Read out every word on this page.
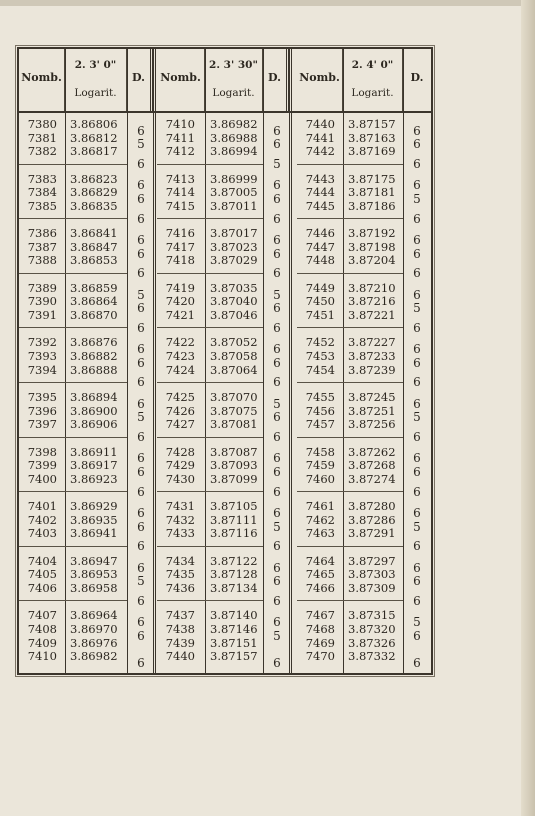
Nomb.
2. 3' 0"
Logarit.
D.
7380 3.86806
7381 3.86812
7382 3.86817
7383 3.86823
7384 3.86829
7385 3.86835
7386 3.86841
7387 3.86847
7388 3.86853
7389 3.86859
7390 3.86864
7391 3.86870
7392 3.86876
7393 3.86882
7394 3.86888
7395 3.86894
7396 3.86900
7397 3.86906
7398 3.86911
7399 3.86917
7400 3.86923
7401 3.86929
7402 3.86935
7403 3.86941
7404 3.86947
7405 3.86953
7406 3.86958
7407 3.86964
7408 3.86970
7409 3.86976
7410 3.86982
6
5
6
6
6
6
6
6
6
5
6
6
6
6
6
6
5
6
6
6
6
6
6
6
6
5
6
6
6
6
Nomb.
2. 3' 30"
Logarit.
D.
7410 3.86982
7411 3.86988
7412 3.86994
7413 3.86999
7414 3.87005
7415 3.87011
7416 3.87017
7417 3.87023
7418 3.87029
7419 3.87035
7420 3.87040
7421 3.87046
7422 3.87052
7423 3.87058
7424 3.87064
7425 3.87070
7426 3.87075
7427 3.87081
7428 3.87087
7429 3.87093
7430 3.87099
7431 3.87105
7432 3.87111
7433 3.87116
7434 3.87122
7435 3.87128
7436 3.87134
7437 3.87140
7438 3.87146
7439 3.87151
7440 3.87157
6
6
5
6
6
6
6
6
6
5
6
6
6
6
6
5
6
6
6
6
6
6
5
6
6
6
6
6
5
6
Nomb.
2. 4' 0"
Logarit.
D.
7440 3.87157
7441 3.87163
7442 3.87169
7443 3.87175
7444 3.87181
7445 3.87186
7446 3.87192
7447 3.87198
7448 3.87204
7449 3.87210
7450 3.87216
7451 3.87221
7452 3.87227
7453 3.87233
7454 3.87239
7455 3.87245
7456 3.87251
7457 3.87256
7458 3.87262
7459 3.87268
7460 3.87274
7461 3.87280
7462 3.87286
7463 3.87291
7464 3.87297
7465 3.87303
7466 3.87309
7467 3.87315
7468 3.87320
7469 3.87326
7470 3.87332
6
6
6
6
5
6
6
6
6
6
5
6
6
6
6
6
5
6
6
6
6
6
5
6
6
6
6
5
6
6
